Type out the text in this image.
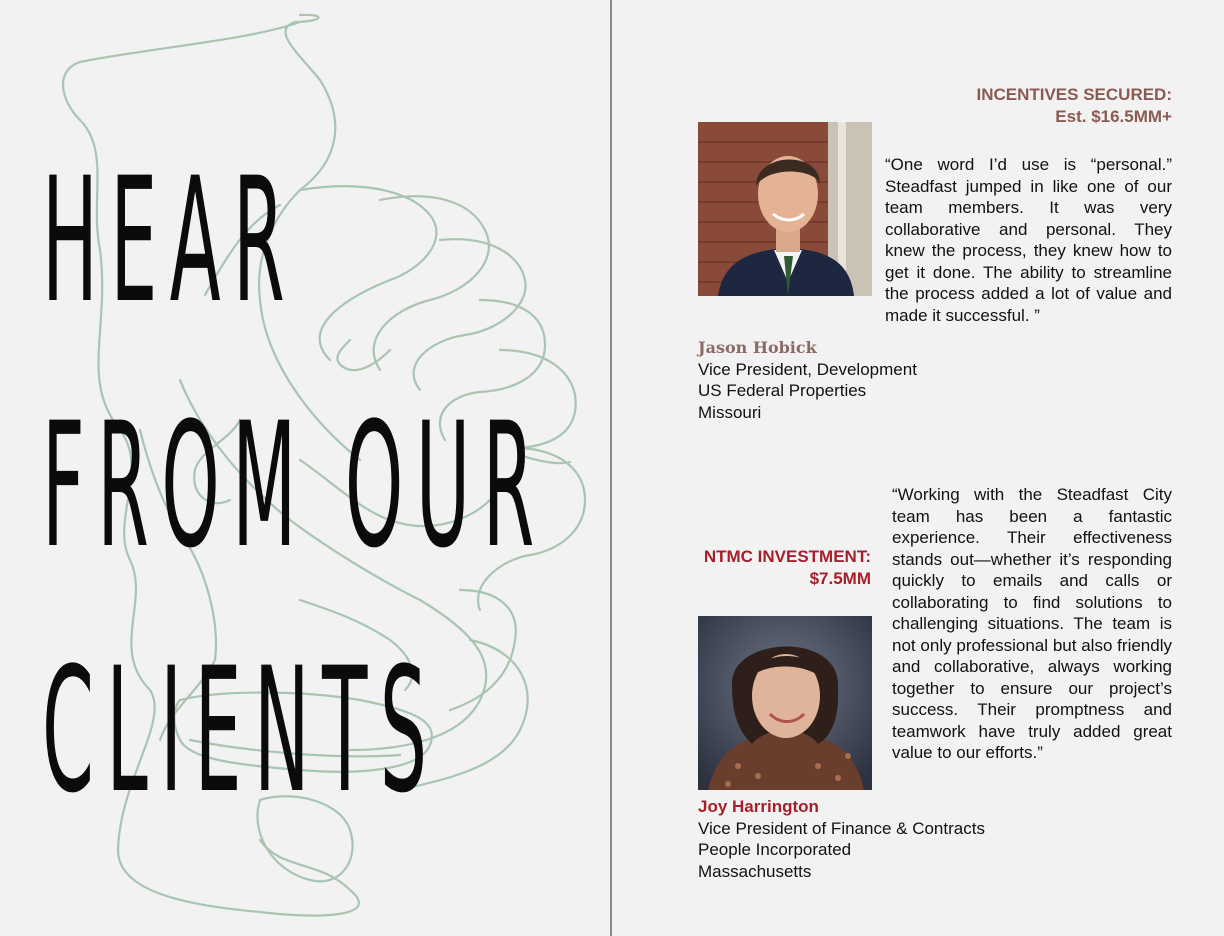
HEAR
FROM OUR
CLIENTS
INCENTIVES SECURED:
Est. $16.5MM+
“One word I’d use is “personal.” Steadfast jumped in like one of our team members. It was very collaborative and personal. They knew the process, they knew how to get it done. The ability to streamline the process added a lot of value and made it successful. ”
Jason Hobick
Vice President, Development
US Federal Properties
Missouri
“Working with the Steadfast City team has been a fantastic experience. Their effectiveness stands out—whether it’s responding quickly to emails and calls or collaborating to find solutions to challenging situations. The team is not only professional but also friendly and collaborative, always working together to ensure our project’s success. Their promptness and teamwork have truly added great value to our efforts.”
NTMC INVESTMENT:
$7.5MM
Joy Harrington
Vice President of Finance & Contracts
People Incorporated
Massachusetts
